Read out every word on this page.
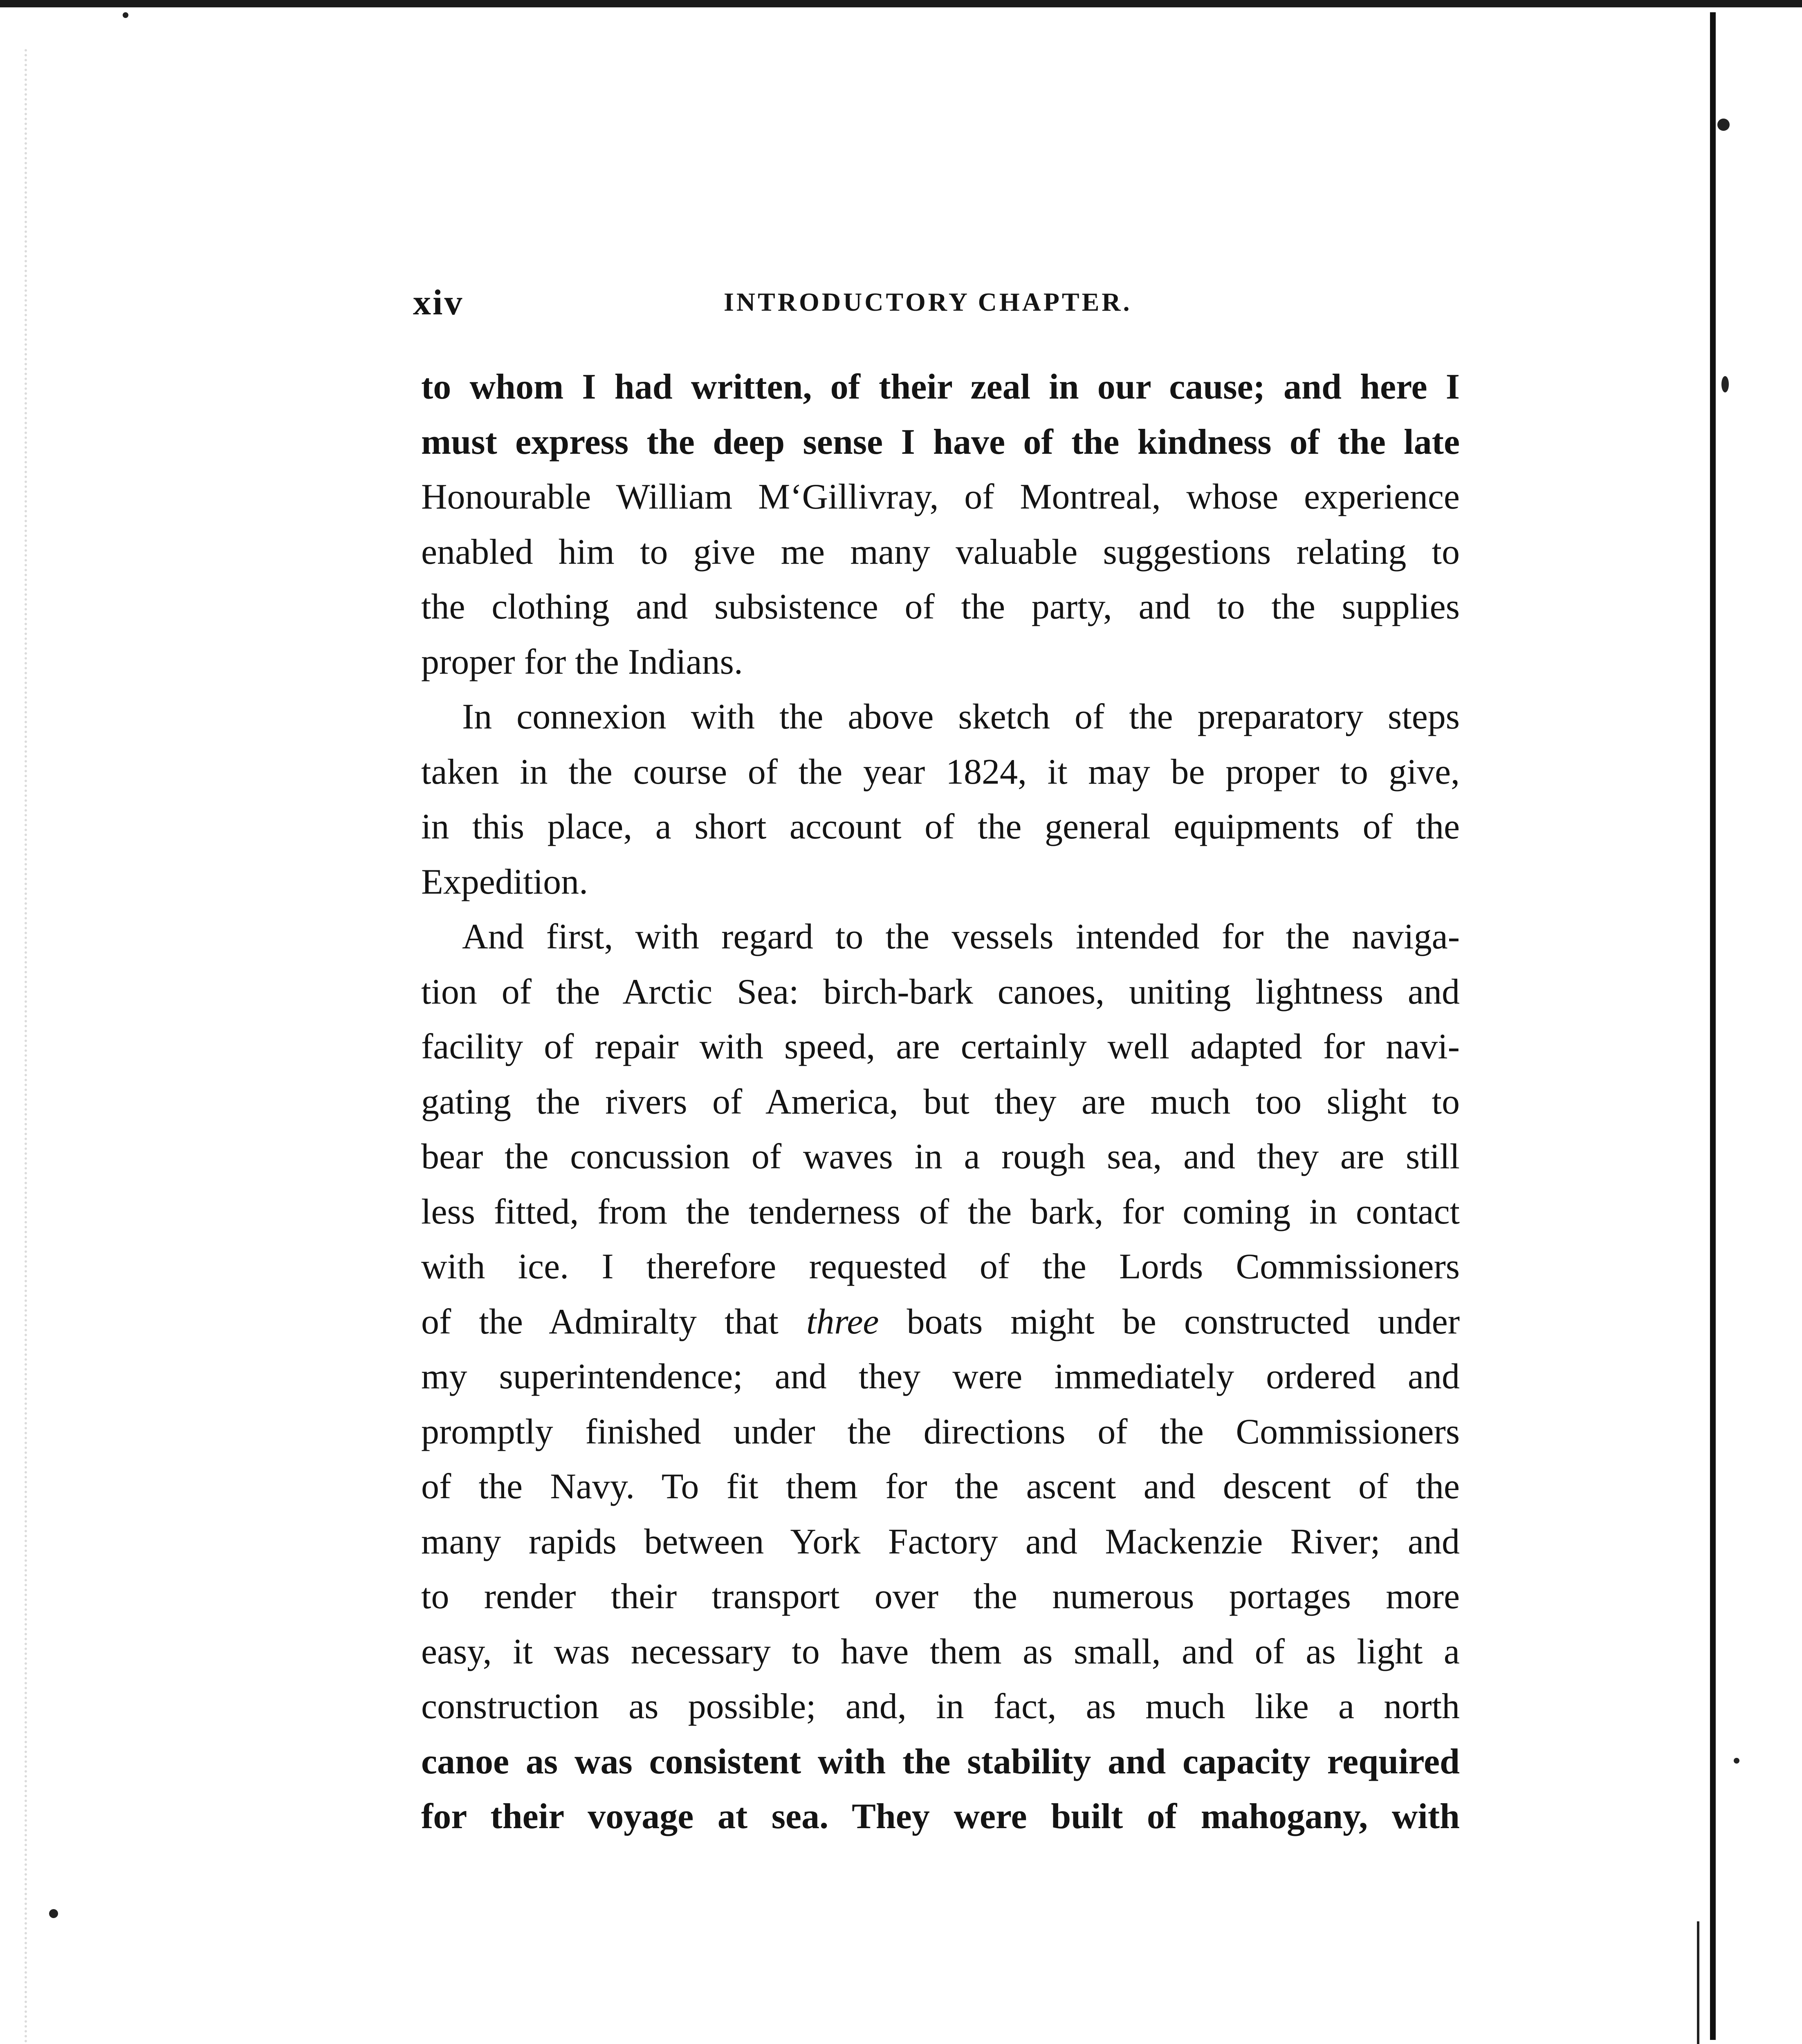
xiv	INTRODUCTORY CHAPTER.
to whom I had written, of their zeal in our cause; and here I
must express the deep sense I have of the kindness of the late
Honourable William M‘Gillivray, of Montreal, whose experience
enabled him to give me many valuable suggestions relating to
the clothing and subsistence of the party, and to the supplies
proper for the Indians.
In connexion with the above sketch of the preparatory steps
taken in the course of the year 1824, it may be proper to give,
in this place, a short account of the general equipments of the
Expedition.
And first, with regard to the vessels intended for the naviga-
tion of the Arctic Sea: birch-bark canoes, uniting lightness and
facility of repair with speed, are certainly well adapted for navi-
gating the rivers of America, but they are much too slight to
bear the concussion of waves in a rough sea, and they are still
less fitted, from the tenderness of the bark, for coming in contact
with ice. I therefore requested of the Lords Commissioners
of the Admiralty that three boats might be constructed under
my superintendence; and they were immediately ordered and
promptly finished under the directions of the Commissioners
of the Navy. To fit them for the ascent and descent of the
many rapids between York Factory and Mackenzie River; and
to render their transport over the numerous portages more
easy, it was necessary to have them as small, and of as light a
construction as possible; and, in fact, as much like a north
canoe as was consistent with the stability and capacity required
for their voyage at sea. They were built of mahogany, with
